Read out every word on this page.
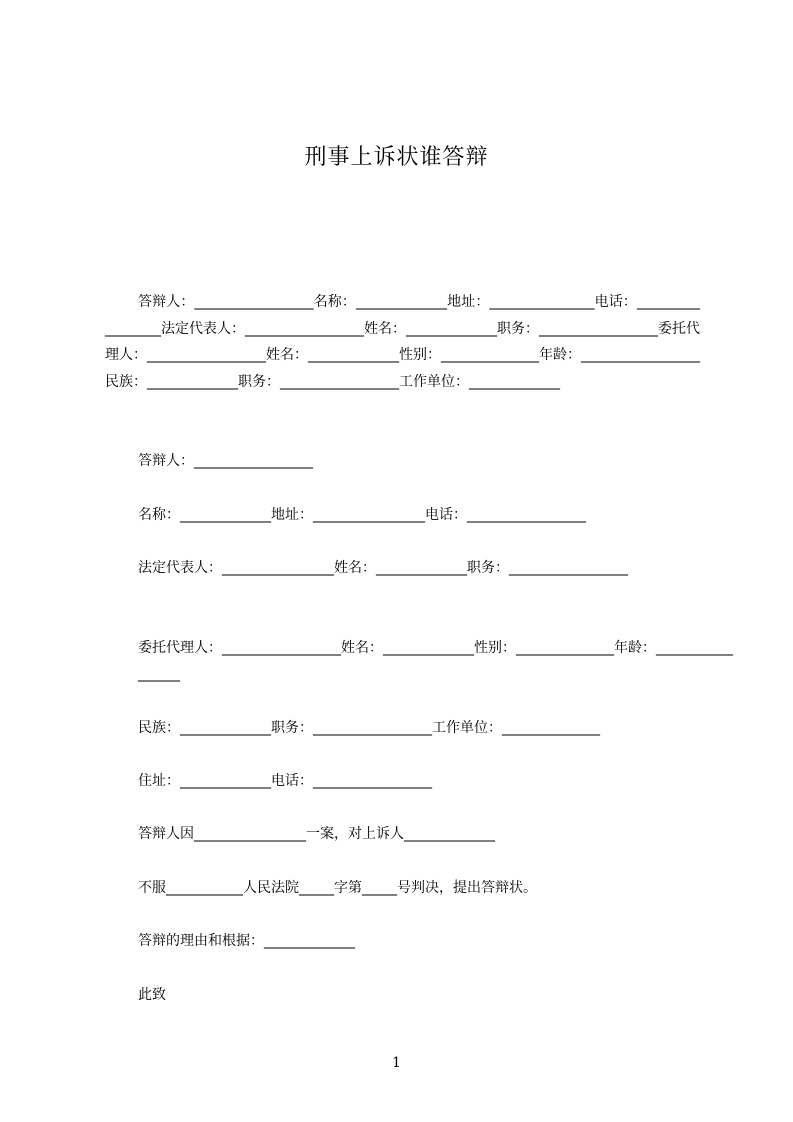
刑事上诉状谁答辩
答辩人：_________________名称：_____________地址：_______________电话：_________________法定代表人：_________________姓名：_____________职务：_________________委托代理人：_________________姓名：_____________性别：______________年龄：_________________民族：_____________职务：_________________工作单位：_____________
答辩人：_________________
名称：_____________地址：________________电话：_________________
法定代表人：________________姓名：_____________职务：_________________
委托代理人：_________________姓名：_____________性别：______________年龄：_________________
民族：_____________职务：_________________工作单位：______________
住址：_____________电话：_________________
答辩人因________________一案，对上诉人_____________
不服___________人民法院_____字第_____号判决，提出答辩状。
答辩的理由和根据：_____________
此致
1
